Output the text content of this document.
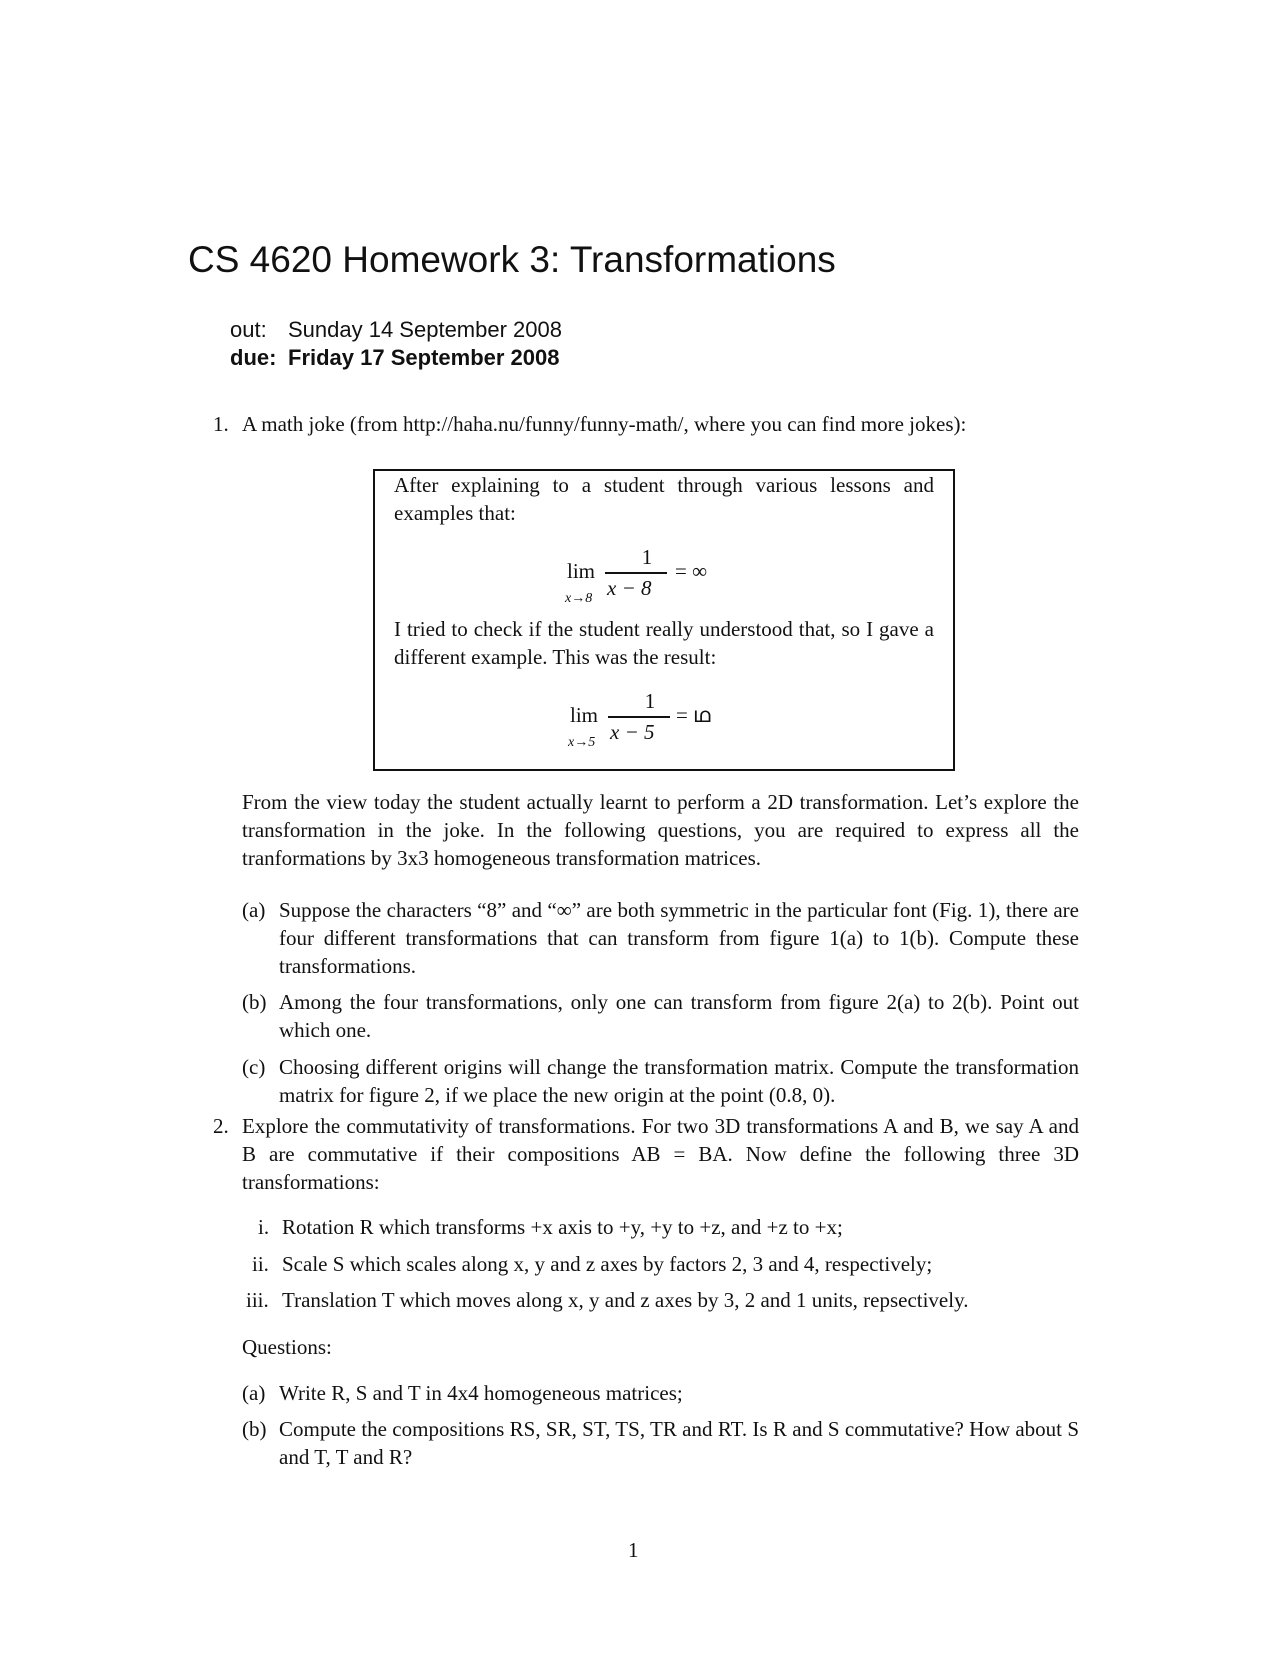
CS 4620 Homework 3: Transformations
out: Sunday 14 September 2008
due: Friday 17 September 2008
1. A math joke (from http://haha.nu/funny/funny-math/, where you can find more jokes):

After explaining to a student through various lessons and examples that:

lim
x→8
1
x − 8
= ∞

I tried to check if the student really understood that, so I gave a different example. This was the result:

lim
x→5
1
x − 5
= ഥ

From the view today the student actually learnt to perform a 2D transformation. Let’s explore the transformation in the joke. In the following questions, you are required to express all the tranformations by 3x3 homogeneous transformation matrices.

(a) Suppose the characters “8” and “∞” are both symmetric in the particular font (Fig. 1), there are four different transformations that can transform from figure 1(a) to 1(b). Compute these transformations.

(b) Among the four transformations, only one can transform from figure 2(a) to 2(b). Point out which one.

(c) Choosing different origins will change the transformation matrix. Compute the transformation matrix for figure 2, if we place the new origin at the point (0.8, 0).

2. Explore the commutativity of transformations. For two 3D transformations A and B, we say A and B are commutative if their compositions AB = BA. Now define the following three 3D transformations:

i. Rotation R which transforms +x axis to +y, +y to +z, and +z to +x;
ii. Scale S which scales along x, y and z axes by factors 2, 3 and 4, respectively;
iii. Translation T which moves along x, y and z axes by 3, 2 and 1 units, repsectively.
Questions:
(a) Write R, S and T in 4x4 homogeneous matrices;
(b) Compute the compositions RS, SR, ST, TS, TR and RT. Is R and S commutative? How about S and T, T and R?

1
